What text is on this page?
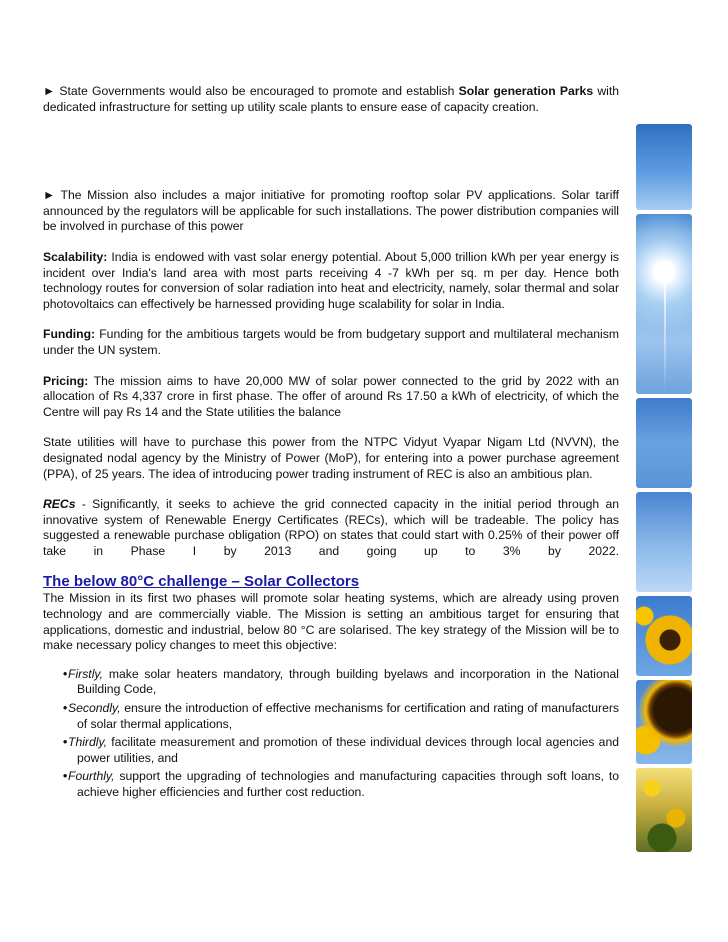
► State Governments would also be encouraged to promote and establish Solar generation Parks with dedicated infrastructure for setting up utility scale plants to ensure ease of capacity creation.

► The Mission also includes a major initiative for promoting rooftop solar PV applications. Solar tariff announced by the regulators will be applicable for such installations. The power distribution companies will be involved in purchase of this power

Scalability: India is endowed with vast solar energy potential. About 5,000 trillion kWh per year energy is incident over India's land area with most parts receiving 4 -7 kWh per sq. m per day. Hence both technology routes for conversion of solar radiation into heat and electricity, namely, solar thermal and solar photovoltaics can effectively be harnessed providing huge scalability for solar in India.

Funding: Funding for the ambitious targets would be from budgetary support and multilateral mechanism under the UN system.

Pricing: The mission aims to have 20,000 MW of solar power connected to the grid by 2022 with an allocation of Rs 4,337 crore in first phase. The offer of around Rs 17.50 a kWh of electricity, of which the Centre will pay Rs 14 and the State utilities the balance

State utilities will have to purchase this power from the NTPC Vidyut Vyapar Nigam Ltd (NVVN), the designated nodal agency by the Ministry of Power (MoP), for entering into a power purchase agreement (PPA), of 25 years. The idea of introducing power trading instrument of REC is also an ambitious plan.

RECs - Significantly, it seeks to achieve the grid connected capacity in the initial period through an innovative system of Renewable Energy Certificates (RECs), which will be tradeable. The policy has suggested a renewable purchase obligation (RPO) on states that could start with 0.25% of their power off take in Phase I by 2013 and going up to 3% by 2022.

The below 80°C challenge – Solar Collectors

The Mission in its first two phases will promote solar heating systems, which are already using proven technology and are commercially viable. The Mission is setting an ambitious target for ensuring that applications, domestic and industrial, below 80 °C are solarised. The key strategy of the Mission will be to make necessary policy changes to meet this objective:

• Firstly, make solar heaters mandatory, through building byelaws and incorporation in the National Building Code,
• Secondly, ensure the introduction of effective mechanisms for certification and rating of manufacturers of solar thermal applications,
• Thirdly, facilitate measurement and promotion of these individual devices through local agencies and power utilities, and
• Fourthly, support the upgrading of technologies and manufacturing capacities through soft loans, to achieve higher efficiencies and further cost reduction.
